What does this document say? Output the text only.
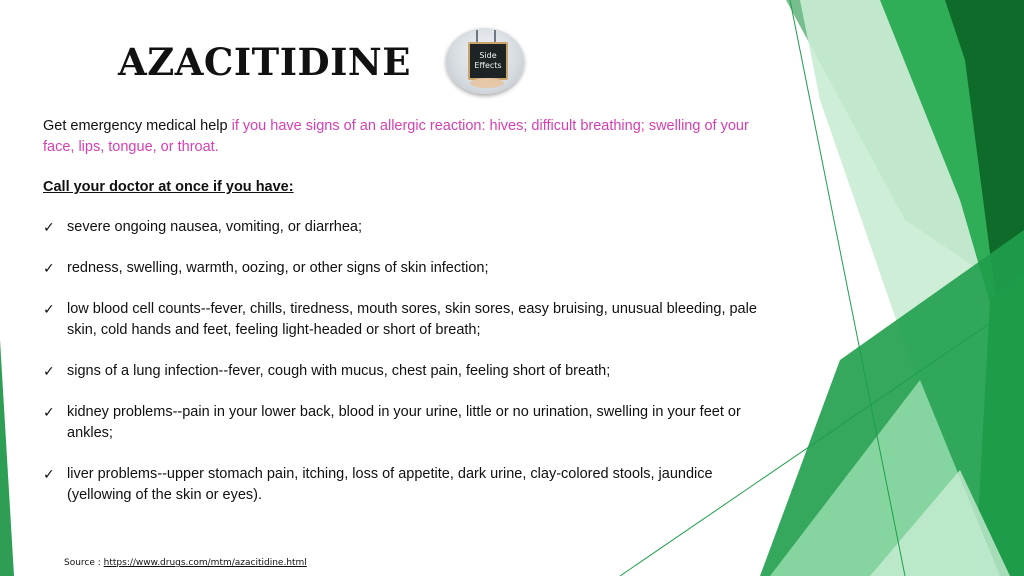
AZACITIDINE	Side
Effects

Get emergency medical help if you have signs of an allergic reaction: hives; difficult breathing; swelling of your face, lips, tongue, or throat.

Call your doctor at once if you have:

✓ severe ongoing nausea, vomiting, or diarrhea;
✓ redness, swelling, warmth, oozing, or other signs of skin infection;
✓ low blood cell counts--fever, chills, tiredness, mouth sores, skin sores, easy bruising, unusual bleeding, pale skin, cold hands and feet, feeling light-headed or short of breath;
✓ signs of a lung infection--fever, cough with mucus, chest pain, feeling short of breath;
✓ kidney problems--pain in your lower back, blood in your urine, little or no urination, swelling in your feet or ankles;
✓ liver problems--upper stomach pain, itching, loss of appetite, dark urine, clay-colored stools, jaundice (yellowing of the skin or eyes).
Source : https://www.drugs.com/mtm/azacitidine.html
